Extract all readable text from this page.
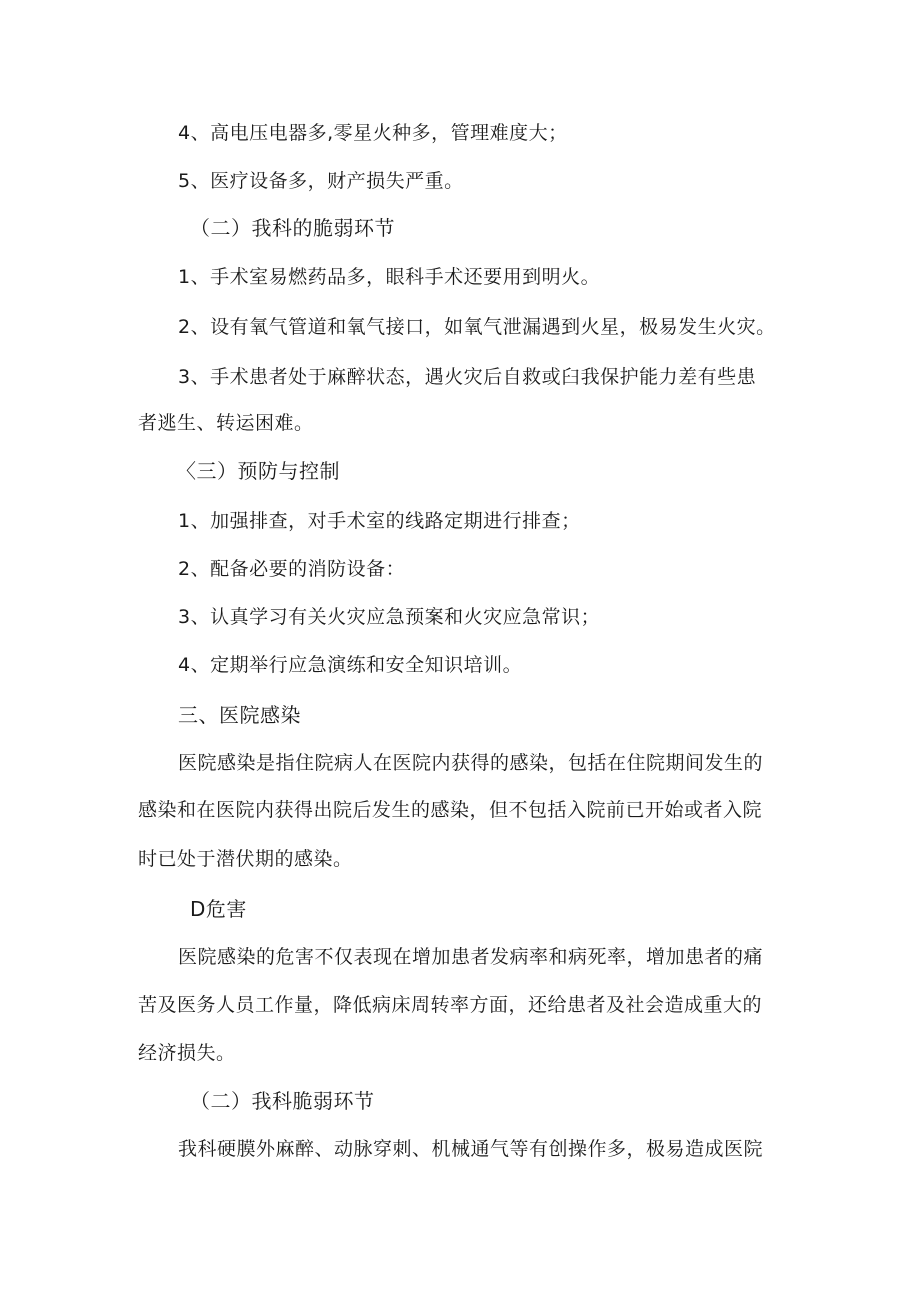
4、高电压电器多,零星火种多，管理难度大；
5、医疗设备多，财产损失严重。
（二）我科的脆弱环节
1、手术室易燃药品多，眼科手术还要用到明火。
2、设有氧气管道和氧气接口，如氧气泄漏遇到火星，极易发生火灾。
3、手术患者处于麻醉状态，遇火灾后自救或臼我保护能力差有些患
者逃生、转运困难。
〈三）预防与控制
1、加强排查，对手术室的线路定期进行排查；
2、配备必要的消防设备：
3、认真学习有关火灾应急预案和火灾应急常识；
4、定期举行应急演练和安全知识培训。
三、医院感染
医院感染是指住院病人在医院内获得的感染，包括在住院期间发生的
感染和在医院内获得出院后发生的感染，但不包括入院前已开始或者入院
时已处于潜伏期的感染。
D危害
医院感染的危害不仅表现在增加患者发病率和病死率，增加患者的痛
苦及医务人员工作量，降低病床周转率方面，还给患者及社会造成重大的
经济损失。
（二）我科脆弱环节
我科硬膜外麻醉、动脉穿刺、机械通气等有创操作多，极易造成医院
